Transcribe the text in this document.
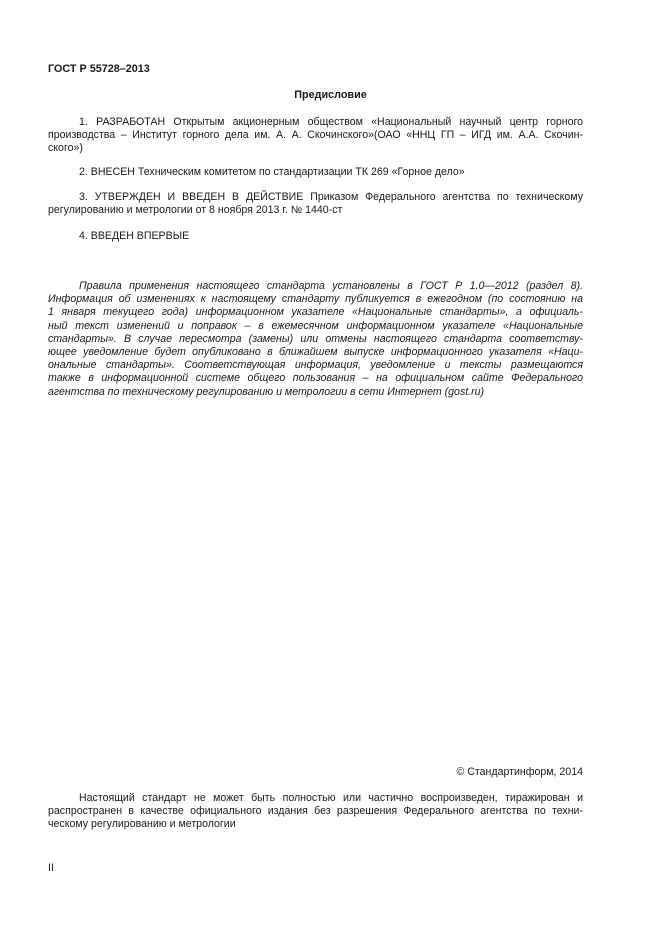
ГОСТ Р 55728–2013
Предисловие
1. РАЗРАБОТАН Открытым акционерным обществом «Национальный научный центр горного
производства – Институт горного дела им. А. А. Скочинского»(ОАО «ННЦ ГП – ИГД им. А.А. Скочин-
ского»)
2. ВНЕСЕН Техническим комитетом по стандартизации ТК 269 «Горное дело»
3. УТВЕРЖДЕН И ВВЕДЕН В ДЕЙСТВИЕ Приказом Федерального агентства по техническому
регулированию и метрологии от 8 ноября 2013 г. № 1440-ст
4. ВВЕДЕН ВПЕРВЫЕ
Правила применения настоящего стандарта установлены в ГОСТ Р 1.0—2012 (раздел 8).
Информация об изменениях к настоящему стандарту публикуется в ежегодном (по состоянию на
1 января текущего года) информационном указателе «Национальные стандарты», а официаль-
ный текст изменений и поправок – в ежемесячном информационном указателе «Национальные
стандарты». В случае пересмотра (замены) или отмены настоящего стандарта соответству-
ющее уведомление будет опубликовано в ближайшем выпуске информационного указателя «Наци-
ональные стандарты». Соответствующая информация, уведомление и тексты размещаются
также в информационной системе общего пользования – на официальном сайте Федерального
агентства по техническому регулированию и метрологии в сети Интернет (gost.ru)
© Стандартинформ, 2014
Настоящий стандарт не может быть полностью или частично воспроизведен, тиражирован и
распространен в качестве официального издания без разрешения Федерального агентства по техни-
ческому регулированию и метрологии
II
